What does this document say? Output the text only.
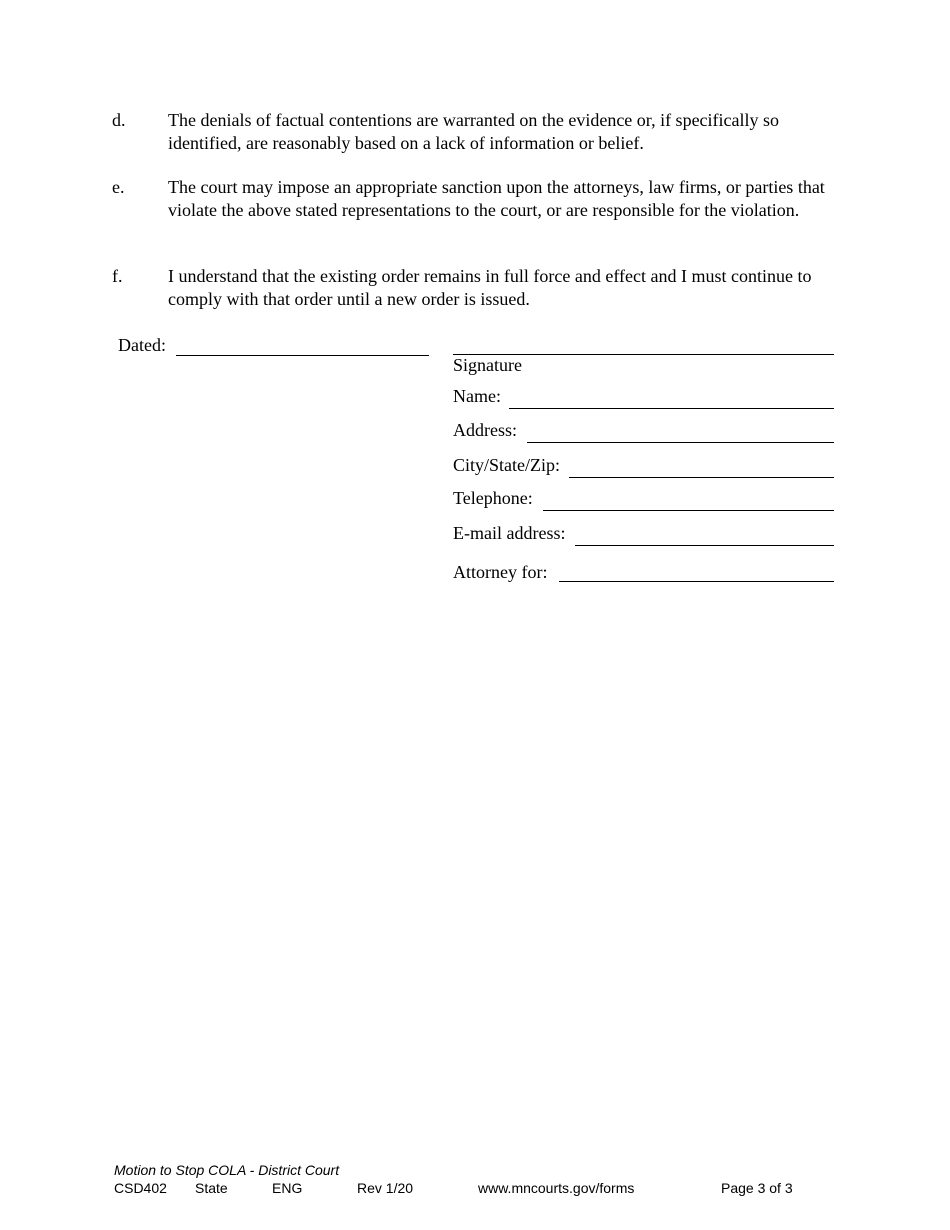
d. The denials of factual contentions are warranted on the evidence or, if specifically so identified, are reasonably based on a lack of information or belief.
e. The court may impose an appropriate sanction upon the attorneys, law firms, or parties that violate the above stated representations to the court, or are responsible for the violation.
f.	I understand that the existing order remains in full force and effect and I must continue to comply with that order until a new order is issued.
Dated:
Signature
Name:
Address:
City/State/Zip:
Telephone:
E-mail address:
Attorney for:
Motion to Stop COLA - District Court
CSD402 State	ENG	Rev 1/20	www.mncourts.gov/forms	Page 3 of 3
